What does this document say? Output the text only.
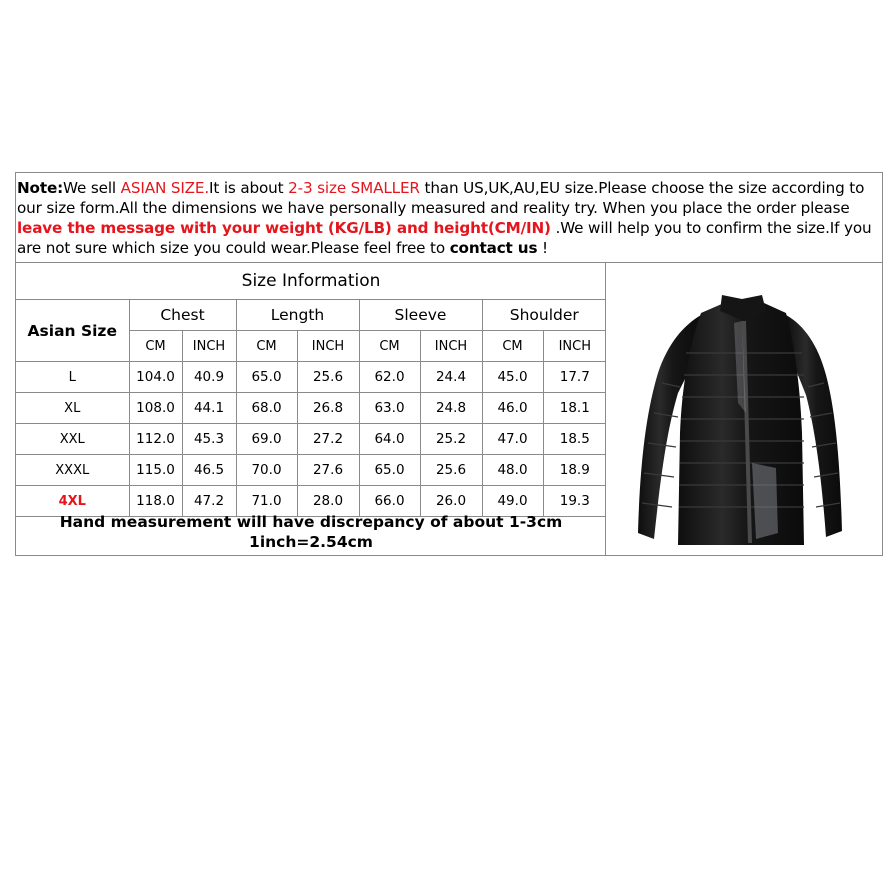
Note:We sell ASIAN SIZE.It is about 2-3 size SMALLER than US,UK,AU,EU size.Please choose the size according to our size form.All the dimensions we have personally measured and reality try. When you place the order please leave the message with your weight (KG/LB) and height(CM/IN) .We will help you to confirm the size.If you are not sure which size you could wear.Please feel free to contact us !
Size Information								
Asian Size	Chest		Length		Sleeve		Shoulder	
	CM	INCH	CM	INCH	CM	INCH	CM	INCH
L	104.0	40.9	65.0	25.6	62.0	24.4	45.0	17.7
XL	108.0	44.1	68.0	26.8	63.0	24.8	46.0	18.1
XXL	112.0	45.3	69.0	27.2	64.0	25.2	47.0	18.5
XXXL	115.0	46.5	70.0	27.6	65.0	25.6	48.0	18.9
4XL	118.0	47.2	71.0	28.0	66.0	26.0	49.0	19.3
Hand measurement will have discrepancy of about 1-3cm
1inch=2.54cm
